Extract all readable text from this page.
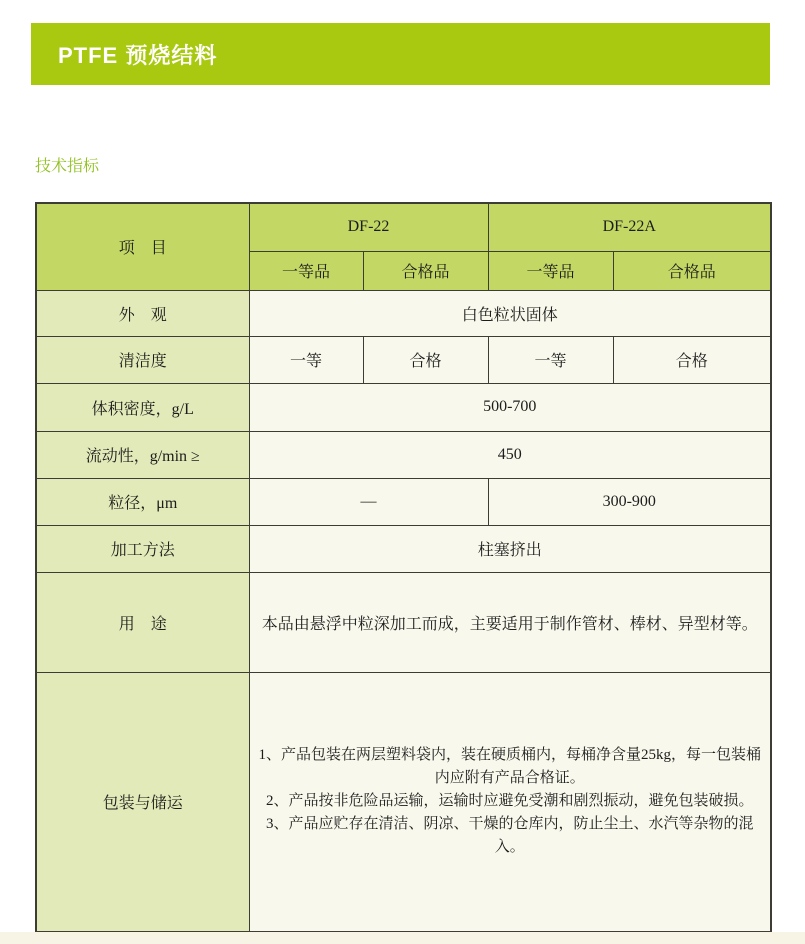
PTFE 预烧结料
技术指标
项　目	DF-22		DF-22A	
	一等品	合格品	一等品	合格品
外　观	白色粒状固体			
清洁度	一等	合格	一等	合格
体积密度，g/L	500-700			
流动性，g/min ≥	450			
粒径，μm	—		300-900	
加工方法	柱塞挤出			
用　途	本品由悬浮中粒深加工而成，主要适用于制作管材、棒材、异型材等。			
包装与储运	1、产品包装在两层塑料袋内，装在硬质桶内，每桶净含量25kg，每一包装桶内应附有产品合格证。
2、产品按非危险品运输，运输时应避免受潮和剧烈振动，避免包装破损。
3、产品应贮存在清洁、阴凉、干燥的仓库内，防止尘土、水汽等杂物的混入。			
